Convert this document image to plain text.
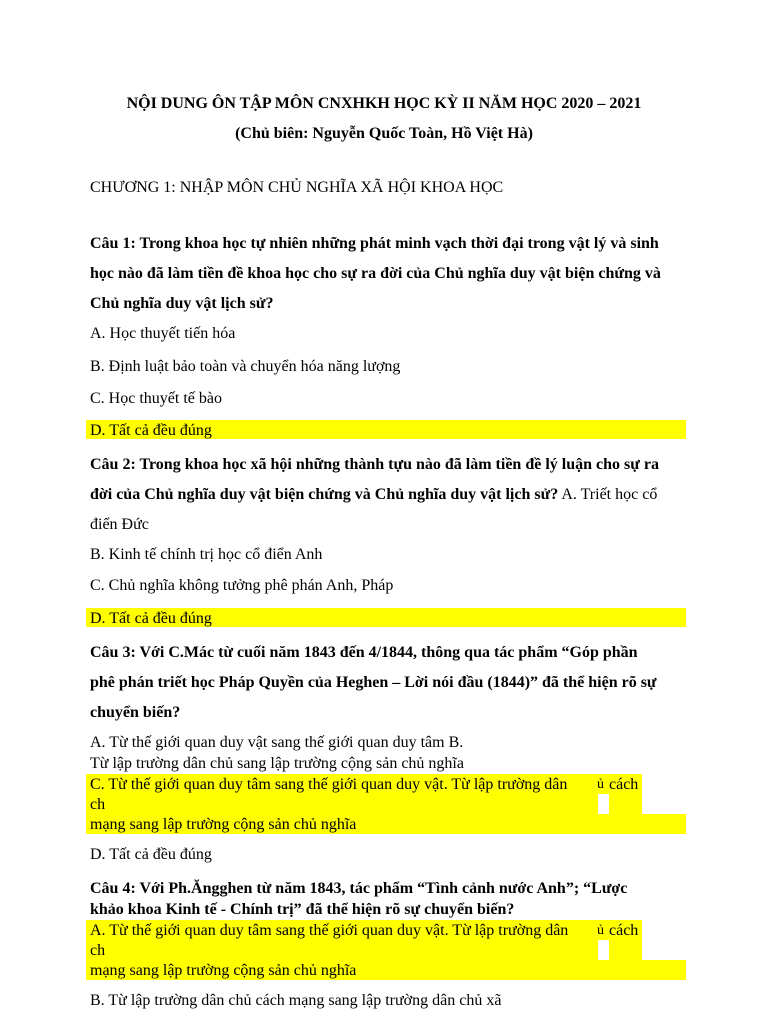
NỘI DUNG ÔN TẬP MÔN CNXHKH HỌC KỲ II NĂM HỌC 2020 – 2021
(Chủ biên: Nguyễn Quốc Toàn, Hồ Việt Hà)
CHƯƠNG 1: NHẬP MÔN CHỦ NGHĨA XÃ HỘI KHOA HỌC
Câu 1: Trong khoa học tự nhiên những phát minh vạch thời đại trong vật lý và sinh
học nào đã làm tiền đề khoa học cho sự ra đời của Chủ nghĩa duy vật biện chứng và
Chủ nghĩa duy vật lịch sử?
A. Học thuyết tiến hóa
B. Định luật bảo toàn và chuyển hóa năng lượng
C. Học thuyết tế bào
D. Tất cả đều đúng
Câu 2: Trong khoa học xã hội những thành tựu nào đã làm tiền đề lý luận cho sự ra
đời của Chủ nghĩa duy vật biện chứng và Chủ nghĩa duy vật lịch sử? A. Triết học cổ
điển Đức
B. Kinh tế chính trị học cổ điển Anh
C. Chủ nghĩa không tưởng phê phán Anh, Pháp
D. Tất cả đều đúng
Câu 3: Với C.Mác từ cuối năm 1843 đến 4/1844, thông qua tác phẩm “Góp phần
phê phán triết học Pháp Quyền của Heghen – Lời nói đầu (1844)” đã thể hiện rõ sự
chuyển biến?
A. Từ thế giới quan duy vật sang thế giới quan duy tâm B.
Từ lập trường dân chủ sang lập trường cộng sản chủ nghĩa
C. Từ thế giới quan duy tâm sang thế giới quan duy vật. Từ lập trường dân ủ cách
ch
mạng sang lập trường cộng sản chủ nghĩa
D. Tất cả đều đúng
Câu 4: Với Ph.Ăngghen từ năm 1843, tác phẩm “Tình cảnh nước Anh”; “Lược
khảo khoa Kinh tế - Chính trị” đã thể hiện rõ sự chuyển biến?
A. Từ thế giới quan duy tâm sang thế giới quan duy vật. Từ lập trường dân ủ cách
ch
mạng sang lập trường cộng sản chủ nghĩa
B. Từ lập trường dân chủ cách mạng sang lập trường dân chủ xã
